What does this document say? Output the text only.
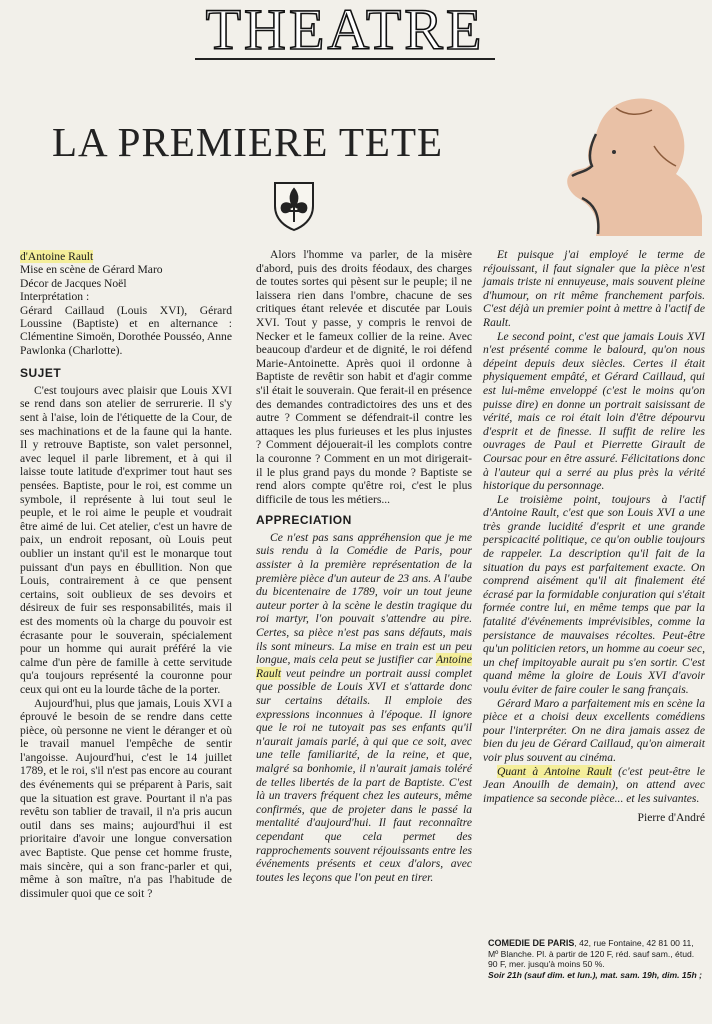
THEATRE
LA PREMIERE TETE
d'Antoine Rault
Mise en scène de Gérard Maro
Décor de Jacques Noël
Interprétation :
Gérard Caillaud (Louis XVI), Gérard Loussine (Baptiste) et en alternance : Clémentine Simoën, Dorothée Pousséo, Anne Pawlonka (Charlotte).
SUJET

C'est toujours avec plaisir que Louis XVI se rend dans son atelier de serrurerie. Il s'y sent à l'aise, loin de l'étiquette de la Cour, de ses machinations et de la faune qui la hante. Il y retrouve Baptiste, son valet personnel, avec lequel il parle librement, et à qui il laisse toute latitude d'exprimer tout haut ses pensées. Baptiste, pour le roi, est comme un symbole, il représente à lui tout seul le peuple, et le roi aime le peuple et voudrait être aimé de lui. Cet atelier, c'est un havre de paix, un endroit reposant, où Louis peut oublier un instant qu'il est le monarque tout puissant d'un pays en ébullition. Non que Louis, contrairement à ce que pensent certains, soit oublieux de ses devoirs et désireux de fuir ses responsabilités, mais il est des moments où la charge du pouvoir est écrasante pour le souverain, spécialement pour un homme qui aurait préféré la vie calme d'un père de famille à cette servitude qu'a toujours représenté la couronne pour ceux qui ont eu la lourde tâche de la porter.

Aujourd'hui, plus que jamais, Louis XVI a éprouvé le besoin de se rendre dans cette pièce, où personne ne vient le déranger et où le travail manuel l'empêche de sentir l'angoisse. Aujourd'hui, c'est le 14 juillet 1789, et le roi, s'il n'est pas encore au courant des événements qui se préparent à Paris, sait que la situation est grave. Pourtant il n'a pas revêtu son tablier de travail, il n'a pris aucun outil dans ses mains; aujourd'hui il est prioritaire d'avoir une longue conversation avec Baptiste. Que pense cet homme fruste, mais sincère, qui a son franc-parler et qui, même à son maître, n'a pas l'habitude de dissimuler quoi que ce soit ?

Alors l'homme va parler, de la misère d'abord, puis des droits féodaux, des charges de toutes sortes qui pèsent sur le peuple; il ne laissera rien dans l'ombre, chacune de ses critiques étant relevée et discutée par Louis XVI. Tout y passe, y compris le renvoi de Necker et le fameux collier de la reine. Avec beaucoup d'ardeur et de dignité, le roi défend Marie-Antoinette. Après quoi il ordonne à Baptiste de revêtir son habit et d'agir comme s'il était le souverain. Que ferait-il en présence des demandes contradictoires des uns et des autre ? Comment se défendrait-il contre les attaques les plus furieuses et les plus injustes ? Comment déjouerait-il les complots contre la couronne ? Comment en un mot dirigerait-il le plus grand pays du monde ? Baptiste se rend alors compte qu'être roi, c'est le plus difficile de tous les métiers...

APPRECIATION

Ce n'est pas sans appréhension que je me suis rendu à la Comédie de Paris, pour assister à la première représentation de la première pièce d'un auteur de 23 ans. A l'aube du bicentenaire de 1789, voir un tout jeune auteur porter à la scène le destin tragique du roi martyr, l'on pouvait s'attendre au pire. Certes, sa pièce n'est pas sans défauts, mais ils sont mineurs. La mise en train est un peu longue, mais cela peut se justifier car Antoine Rault veut peindre un portrait aussi complet que possible de Louis XVI et s'attarde donc sur certains détails. Il emploie des expressions inconnues à l'époque. Il ignore que le roi ne tutoyait pas ses enfants qu'il n'aurait jamais parlé, à qui que ce soit, avec une telle familiarité, de la reine, et que, malgré sa bonhomie, il n'aurait jamais toléré de telles libertés de la part de Baptiste. C'est là un travers fréquent chez les auteurs, même confirmés, que de projeter dans le passé la mentalité d'aujourd'hui. Il faut reconnaître cependant que cela permet des rapprochements souvent réjouissants entre les événements présents et ceux d'alors, avec toutes les leçons que l'on peut en tirer.

Et puisque j'ai employé le terme de réjouissant, il faut signaler que la pièce n'est jamais triste ni ennuyeuse, mais souvent pleine d'humour, on rit même franchement parfois. C'est déjà un premier point à mettre à l'actif de Rault.

Le second point, c'est que jamais Louis XVI n'est présenté comme le balourd, qu'on nous dépeint depuis deux siècles. Certes il était physiquement empâté, et Gérard Caillaud, qui est lui-même enveloppé (c'est le moins qu'on puisse dire) en donne un portrait saisissant de vérité, mais ce roi était loin d'être dépourvu d'esprit et de finesse. Il suffit de relire les ouvrages de Paul et Pierrette Girault de Coursac pour en être assuré. Félicitations donc à l'auteur qui a serré au plus près la vérité historique du personnage.

Le troisième point, toujours à l'actif d'Antoine Rault, c'est que son Louis XVI a une très grande lucidité d'esprit et une grande perspicacité politique, ce qu'on oublie toujours de rappeler. La description qu'il fait de la situation du pays est parfaitement exacte. On comprend aisément qu'il ait finalement été écrasé par la formidable conjuration qui s'était formée contre lui, en même temps que par la fatalité d'événements imprévisibles, comme la persistance de mauvaises récoltes. Peut-être qu'un politicien retors, un homme au coeur sec, un chef impitoyable aurait pu s'en sortir. C'est quand même la gloire de Louis XVI d'avoir voulu éviter de faire couler le sang français.

Gérard Maro a parfaitement mis en scène la pièce et a choisi deux excellents comédiens pour l'interpréter. On ne dira jamais assez de bien du jeu de Gérard Caillaud, qu'on aimerait voir plus souvent au cinéma.

Quant à Antoine Rault (c'est peut-être le Jean Anouilh de demain), on attend avec impatience sa seconde pièce... et les suivantes.

Pierre d'André
COMEDIE DE PARIS, 42, rue Fontaine, 42 81 00 11, Mº Blanche. Pl. à partir de 120 F, réd. sauf sam., étud. 90 F, mer. jusqu'à moins 50 %.
Soir 21h (sauf dim. et lun.), mat. sam. 19h, dim. 15h ;
